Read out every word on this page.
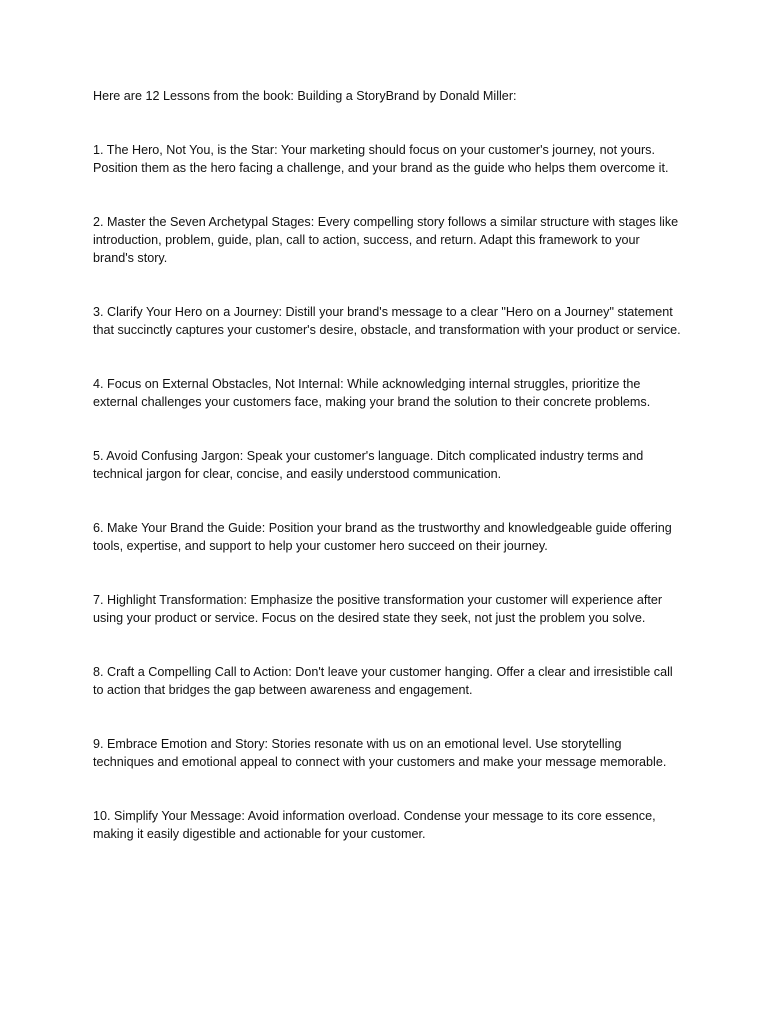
Here are 12 Lessons from the book: Building a StoryBrand by Donald Miller:

1. The Hero, Not You, is the Star: Your marketing should focus on your customer's journey, not yours. Position them as the hero facing a challenge, and your brand as the guide who helps them overcome it.

2. Master the Seven Archetypal Stages: Every compelling story follows a similar structure with stages like introduction, problem, guide, plan, call to action, success, and return. Adapt this framework to your brand's story.

3. Clarify Your Hero on a Journey: Distill your brand's message to a clear "Hero on a Journey" statement that succinctly captures your customer's desire, obstacle, and transformation with your product or service.

4. Focus on External Obstacles, Not Internal: While acknowledging internal struggles, prioritize the external challenges your customers face, making your brand the solution to their concrete problems.

5. Avoid Confusing Jargon: Speak your customer's language. Ditch complicated industry terms and technical jargon for clear, concise, and easily understood communication.

6. Make Your Brand the Guide: Position your brand as the trustworthy and knowledgeable guide offering tools, expertise, and support to help your customer hero succeed on their journey.

7. Highlight Transformation: Emphasize the positive transformation your customer will experience after using your product or service. Focus on the desired state they seek, not just the problem you solve.

8. Craft a Compelling Call to Action: Don't leave your customer hanging. Offer a clear and irresistible call to action that bridges the gap between awareness and engagement.

9. Embrace Emotion and Story: Stories resonate with us on an emotional level. Use storytelling techniques and emotional appeal to connect with your customers and make your message memorable.

10. Simplify Your Message: Avoid information overload. Condense your message to its core essence, making it easily digestible and actionable for your customer.
